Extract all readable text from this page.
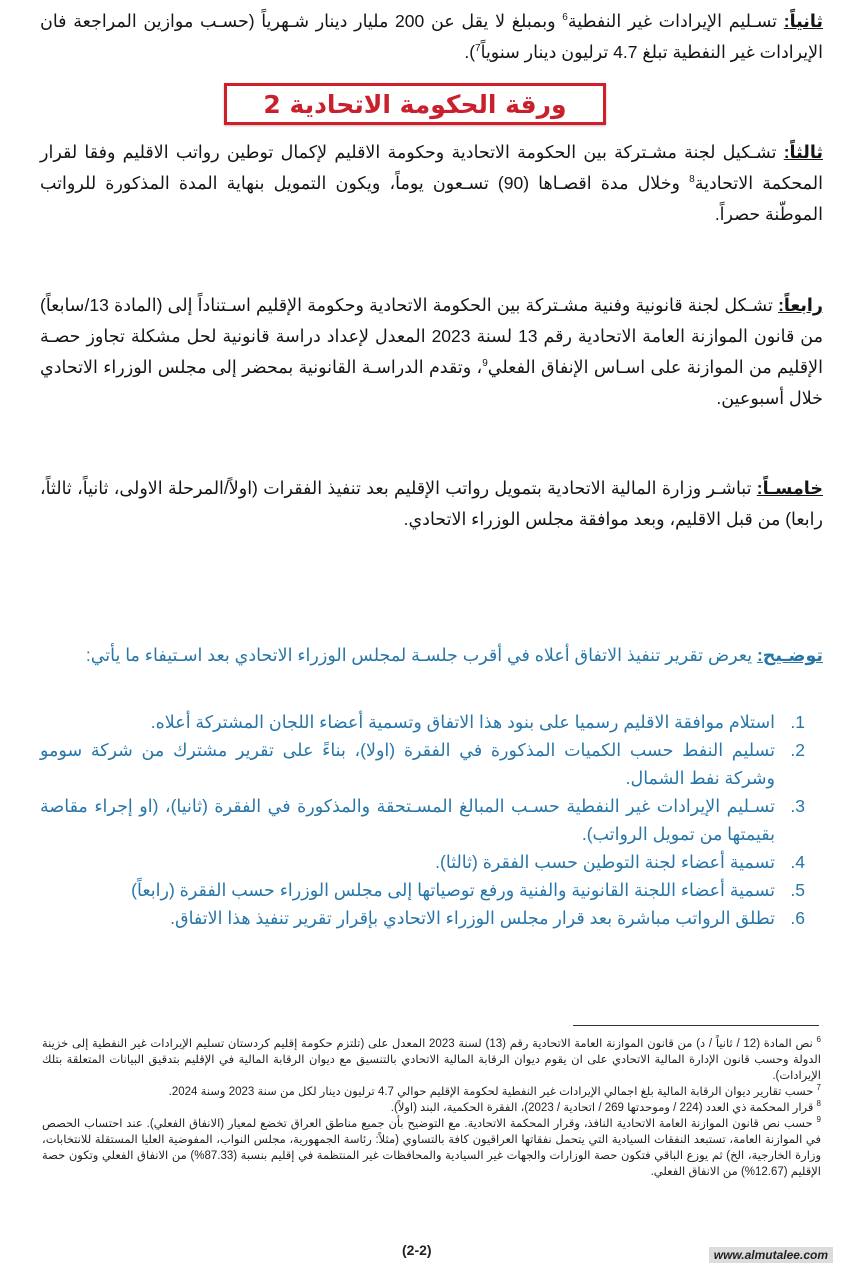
ثانياً: تسـليم الإيرادات غير النفطية$^6$ وبمبلغ لا يقل عن 200 مليار دينار شـهرياً (حسـب موازين المراجعة فان الإيرادات غير النفطية تبلغ 4.7 ترليون دينار سنوياً$^7$).

ورقة الحكومة الاتحادية 2

ثالثاً: تشـكيل لجنة مشـتركة بين الحكومة الاتحادية وحكومة الاقليم لإكمال توطين رواتب الاقليم وفقا لقرار المحكمة الاتحادية$^8$ وخلال مدة اقصـاها (90) تسـعون يوماً، ويكون التمويل بنهاية المدة المذكورة للرواتب الموطّنة حصراً.

رابعاً: تشـكل لجنة قانونية وفنية مشـتركة بين الحكومة الاتحادية وحكومة الإقليم اسـتناداً إلى (المادة 13/سابعاً) من قانون الموازنة العامة الاتحادية رقم 13 لسنة 2023 المعدل لإعداد دراسة قانونية لحل مشكلة تجاوز حصـة الإقليم من الموازنة على اسـاس الإنفاق الفعلي$^9$، وتقدم الدراسـة القانونية بمحضر إلى مجلس الوزراء الاتحادي خلال أسبوعين.

خامسـاً: تباشـر وزارة المالية الاتحادية بتمويل رواتب الإقليم بعد تنفيذ الفقرات (اولاً/المرحلة الاولى، ثانياً، ثالثاً، رابعا) من قبل الاقليم، وبعد موافقة مجلس الوزراء الاتحادي.

توضـيح: يعرض تقرير تنفيذ الاتفاق أعلاه في أقرب جلسـة لمجلس الوزراء الاتحادي بعد اسـتيفاء ما يأتي:

1.
استلام موافقة الاقليم رسميا على بنود هذا الاتفاق وتسمية أعضاء اللجان المشتركة أعلاه.
2.
تسليم النفط حسب الكميات المذكورة في الفقرة (اولا)، بناءً على تقرير مشترك من شركة سومو وشركة نفط الشمال.
3.
تسـليم الإيرادات غير النفطية حسـب المبالغ المسـتحقة والمذكورة في الفقرة (ثانيا)، (او إجراء مقاصة بقيمتها من تمويل الرواتب).
4.
تسمية أعضاء لجنة التوطين حسب الفقرة (ثالثا).
5.
تسمية أعضاء اللجنة القانونية والفنية ورفع توصياتها إلى مجلس الوزراء حسب الفقرة (رابعاً)
6.
تطلق الرواتب مباشرة بعد قرار مجلس الوزراء الاتحادي بإقرار تقرير تنفيذ هذا الاتفاق.

$^6$ نص المادة (12 / ثانياً / د) من قانون الموازنة العامة الاتحادية رقم (13) لسنة 2023 المعدل على (تلتزم حكومة إقليم كردستان تسليم الإيرادات غير النفطية إلى خزينة الدولة وحسب قانون الإدارة المالية الاتحادي على ان يقوم ديوان الرقابة المالية الاتحادي بالتنسيق مع ديوان الرقابة المالية في الإقليم بتدقيق البيانات المتعلقة بتلك الإيرادات).

$^7$ حسب تقارير ديوان الرقابة المالية بلغ اجمالي الإيرادات غير النفطية لحكومة الإقليم حوالي 4.7 ترليون دينار لكل من سنة 2023 وسنة 2024.

$^8$ قرار المحكمة ذي العدد (224 / وموحدتها 269 / اتحادية / 2023)، الفقرة الحكمية، البند (اولاً).

$^9$ حسب نص قانون الموازنة العامة الاتحادية النافذ، وقرار المحكمة الاتحادية. مع التوضيح بأن جميع مناطق العراق تخضع لمعيار (الانفاق الفعلي). عند احتساب الحصص في الموازنة العامة، تستبعد النفقات السيادية التي يتحمل نفقاتها العراقيون كافة بالتساوي (مثلاً: رئاسة الجمهورية، مجلس النواب، المفوضية العليا المستقلة للانتخابات، وزارة الخارجية، الخ) ثم يوزع الباقي فتكون حصة الوزارات والجهات غير السيادية والمحافظات غير المنتظمة في إقليم بنسبة (87.33%) من الانفاق الفعلي وتكون حصة الإقليم (12.67%) من الانفاق الفعلي.

(2-2)	www.almutalee.com
